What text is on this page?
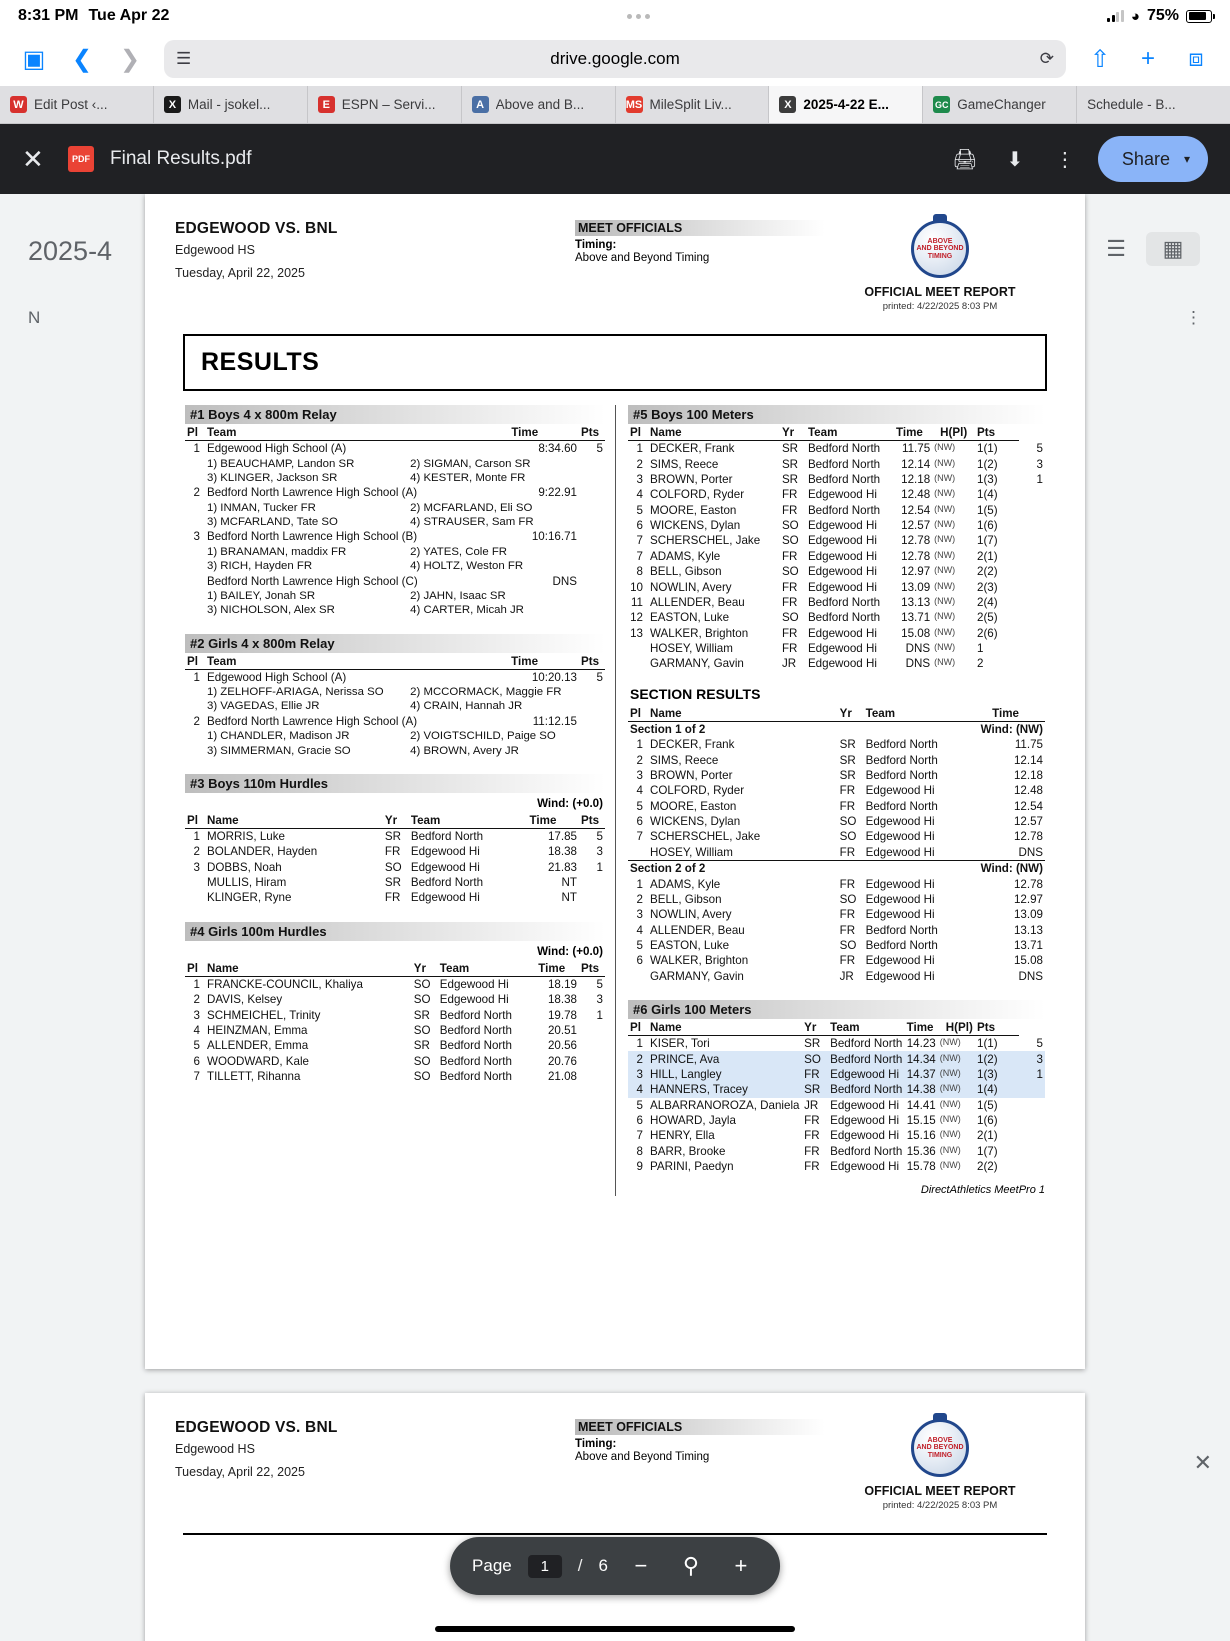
8:31 PM Tue Apr 22	◕ 75%
▣	❮	❯	☰	drive.google.com	⟳	⇧	+	⧈
W Edit Post ‹...	X Mail - jsokel...	E ESPN – Servi...	A Above and B...	MS MileSplit Liv...	X 2025-4-22 E...	GC GameChanger	Schedule - B...
2025-4	☰	▦
N	⋮
✕
✕	PDF Final Results.pdf	🖨	⬇	⋮	Share ▾
EDGEWOOD VS. BNL
Edgewood HS
Tuesday, April 22, 2025
MEET OFFICIALS
Timing:
Above and Beyond Timing
ABOVE
AND BEYOND
TIMING
OFFICIAL MEET REPORT
printed: 4/22/2025 8:03 PM
RESULTS
#1 Boys 4 x 800m Relay
Pl	Team	Time	Pts
1	Edgewood High School (A)	8:34.60	5
	1) BEAUCHAMP, Landon SR 2) SIGMAN, Carson SR		
	3) KLINGER, Jackson SR 4) KESTER, Monte FR		
2	Bedford North Lawrence High School (A)	9:22.91	
	1) INMAN, Tucker FR 2) MCFARLAND, Eli SO		
	3) MCFARLAND, Tate SO 4) STRAUSER, Sam FR		
3	Bedford North Lawrence High School (B)	10:16.71	
	1) BRANAMAN, maddix FR 2) YATES, Cole FR		
	3) RICH, Hayden FR 4) HOLTZ, Weston FR		
	Bedford North Lawrence High School (C)	DNS	
	1) BAILEY, Jonah SR 2) JAHN, Isaac SR		
	3) NICHOLSON, Alex SR 4) CARTER, Micah JR		
#2 Girls 4 x 800m Relay
Pl	Team	Time	Pts
1	Edgewood High School (A)	10:20.13	5
	1) ZELHOFF-ARIAGA, Nerissa SO 2) MCCORMACK, Maggie FR		
	3) VAGEDAS, Ellie JR 4) CRAIN, Hannah JR		
2	Bedford North Lawrence High School (A)	11:12.15	
	1) CHANDLER, Madison JR 2) VOIGTSCHILD, Paige SO		
	3) SIMMERMAN, Gracie SO 4) BROWN, Avery JR		
#3 Boys 110m Hurdles
Wind: (+0.0)
Pl	Name	Yr	Team	Time	Pts
1	MORRIS, Luke	SR	Bedford North	17.85	5
2	BOLANDER, Hayden	FR	Edgewood Hi	18.38	3
3	DOBBS, Noah	SO	Edgewood Hi	21.83	1
	MULLIS, Hiram	SR	Bedford North	NT	
	KLINGER, Ryne	FR	Edgewood Hi	NT	
#4 Girls 100m Hurdles
Wind: (+0.0)
Pl	Name	Yr	Team	Time	Pts
1	FRANCKE-COUNCIL, Khaliya	SO	Edgewood Hi	18.19	5
2	DAVIS, Kelsey	SO	Edgewood Hi	18.38	3
3	SCHMEICHEL, Trinity	SR	Bedford North	19.78	1
4	HEINZMAN, Emma	SO	Bedford North	20.51	
5	ALLENDER, Emma	SR	Bedford North	20.56	
6	WOODWARD, Kale	SO	Bedford North	20.76	
7	TILLETT, Rihanna	SO	Bedford North	21.08	
#5 Boys 100 Meters
Pl	Name	Yr	Team	Time	H(Pl)	Pts	
1	DECKER, Frank	SR	Bedford North	11.75	(NW)	1(1)	5
2	SIMS, Reece	SR	Bedford North	12.14	(NW)	1(2)	3
3	BROWN, Porter	SR	Bedford North	12.18	(NW)	1(3)	1
4	COLFORD, Ryder	FR	Edgewood Hi	12.48	(NW)	1(4)	
5	MOORE, Easton	FR	Bedford North	12.54	(NW)	1(5)	
6	WICKENS, Dylan	SO	Edgewood Hi	12.57	(NW)	1(6)	
7	SCHERSCHEL, Jake	SO	Edgewood Hi	12.78	(NW)	1(7)	
7	ADAMS, Kyle	FR	Edgewood Hi	12.78	(NW)	2(1)	
8	BELL, Gibson	SO	Edgewood Hi	12.97	(NW)	2(2)	
10	NOWLIN, Avery	FR	Edgewood Hi	13.09	(NW)	2(3)	
11	ALLENDER, Beau	FR	Bedford North	13.13	(NW)	2(4)	
12	EASTON, Luke	SO	Bedford North	13.71	(NW)	2(5)	
13	WALKER, Brighton	FR	Edgewood Hi	15.08	(NW)	2(6)	
	HOSEY, William	FR	Edgewood Hi	DNS	(NW)	1	
	GARMANY, Gavin	JR	Edgewood Hi	DNS	(NW)	2	
SECTION RESULTS
Pl	Name	Yr	Team	Time
Section 1 of 2		Wind: (NW)		
1	DECKER, Frank	SR	Bedford North	11.75
2	SIMS, Reece	SR	Bedford North	12.14
3	BROWN, Porter	SR	Bedford North	12.18
4	COLFORD, Ryder	FR	Edgewood Hi	12.48
5	MOORE, Easton	FR	Bedford North	12.54
6	WICKENS, Dylan	SO	Edgewood Hi	12.57
7	SCHERSCHEL, Jake	SO	Edgewood Hi	12.78
	HOSEY, William	FR	Edgewood Hi	DNS
Section 2 of 2		Wind: (NW)		
1	ADAMS, Kyle	FR	Edgewood Hi	12.78
2	BELL, Gibson	SO	Edgewood Hi	12.97
3	NOWLIN, Avery	FR	Edgewood Hi	13.09
4	ALLENDER, Beau	FR	Bedford North	13.13
5	EASTON, Luke	SO	Bedford North	13.71
6	WALKER, Brighton	FR	Edgewood Hi	15.08
	GARMANY, Gavin	JR	Edgewood Hi	DNS
#6 Girls 100 Meters
Pl	Name	Yr	Team	Time	H(Pl)	Pts	
1	KISER, Tori	SR	Bedford North	14.23	(NW)	1(1)	5
2	PRINCE, Ava	SO	Bedford North	14.34	(NW)	1(2)	3
3	HILL, Langley	FR	Edgewood Hi	14.37	(NW)	1(3)	1
4	HANNERS, Tracey	SR	Bedford North	14.38	(NW)	1(4)	
5	ALBARRANOROZA, Daniela	JR	Edgewood Hi	14.41	(NW)	1(5)	
6	HOWARD, Jayla	FR	Edgewood Hi	15.15	(NW)	1(6)	
7	HENRY, Ella	FR	Edgewood Hi	15.16	(NW)	2(1)	
8	BARR, Brooke	FR	Bedford North	15.36	(NW)	1(7)	
9	PARINI, Paedyn	FR	Edgewood Hi	15.78	(NW)	2(2)	
DirectAthletics MeetPro 1
EDGEWOOD VS. BNL
Edgewood HS
Tuesday, April 22, 2025
MEET OFFICIALS
Timing:
Above and Beyond Timing
ABOVE
AND BEYOND
TIMING
OFFICIAL MEET REPORT
printed: 4/22/2025 8:03 PM
Page	1	/ 6	−	⚲	+
